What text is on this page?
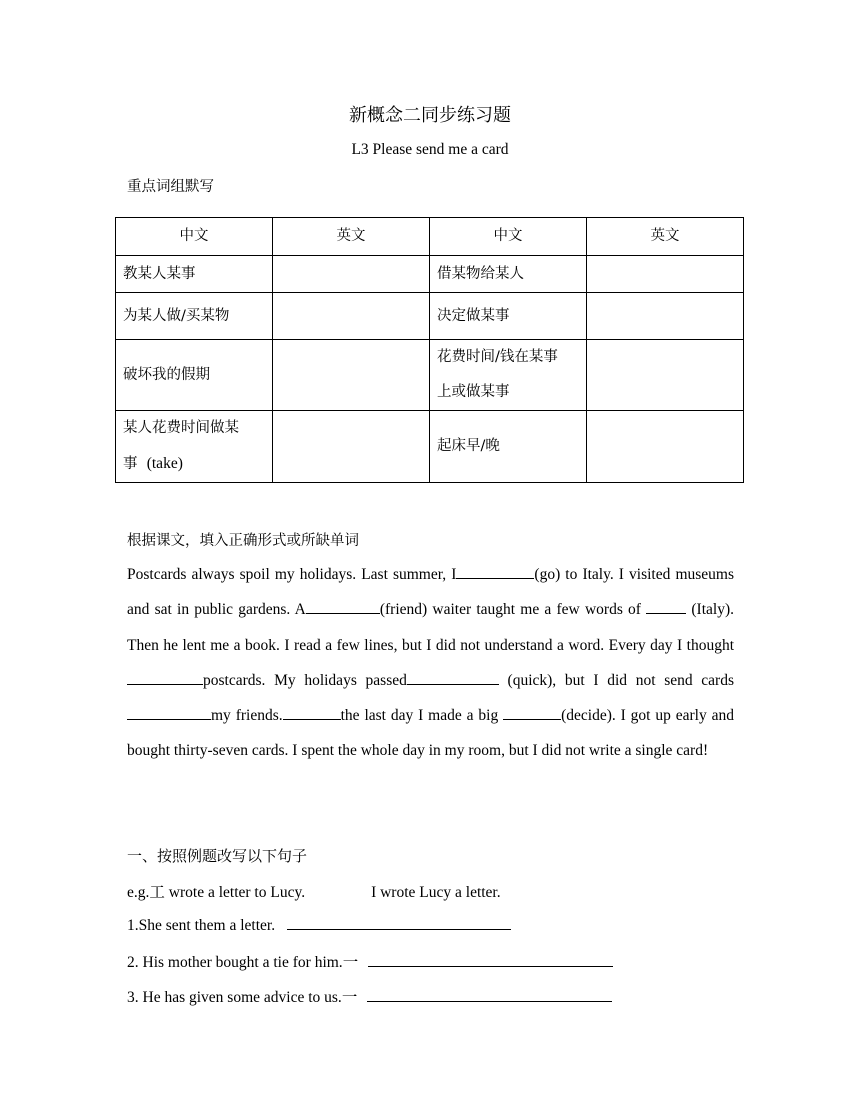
新概念二同步练习题
L3 Please send me a card
重点词组默写
中文	英文	中文	英文
教某人某事		借某物给某人	
为某人做/买某物		决定做某事	
破坏我的假期		花费时间/钱在某事
上或做某事	
某人花费时间做某
事 (take)		起床早/晚	
根据课文，填入正确形式或所缺单词
Postcards always spoil my holidays. Last summer, I	(go) to Italy. I visited museums and sat in public gardens. A	(friend) waiter taught me a few words of	(Italy). Then he lent me a book. I read a few lines, but I did not understand a word. Every day I thoughtpostcards. My holidays passed	(quick), but I did not send cardsmy friends.	the last day I made a big	(decide). I got up early and bought thirty-seven cards. I spent the whole day in my room, but I did not write a single card!
一、按照例题改写以下句子
e.g.工 wrote a letter to Lucy.	I wrote Lucy a letter.
1.She sent them a letter.
2. His mother bought a tie for him.一
3. He has given some advice to us.一
